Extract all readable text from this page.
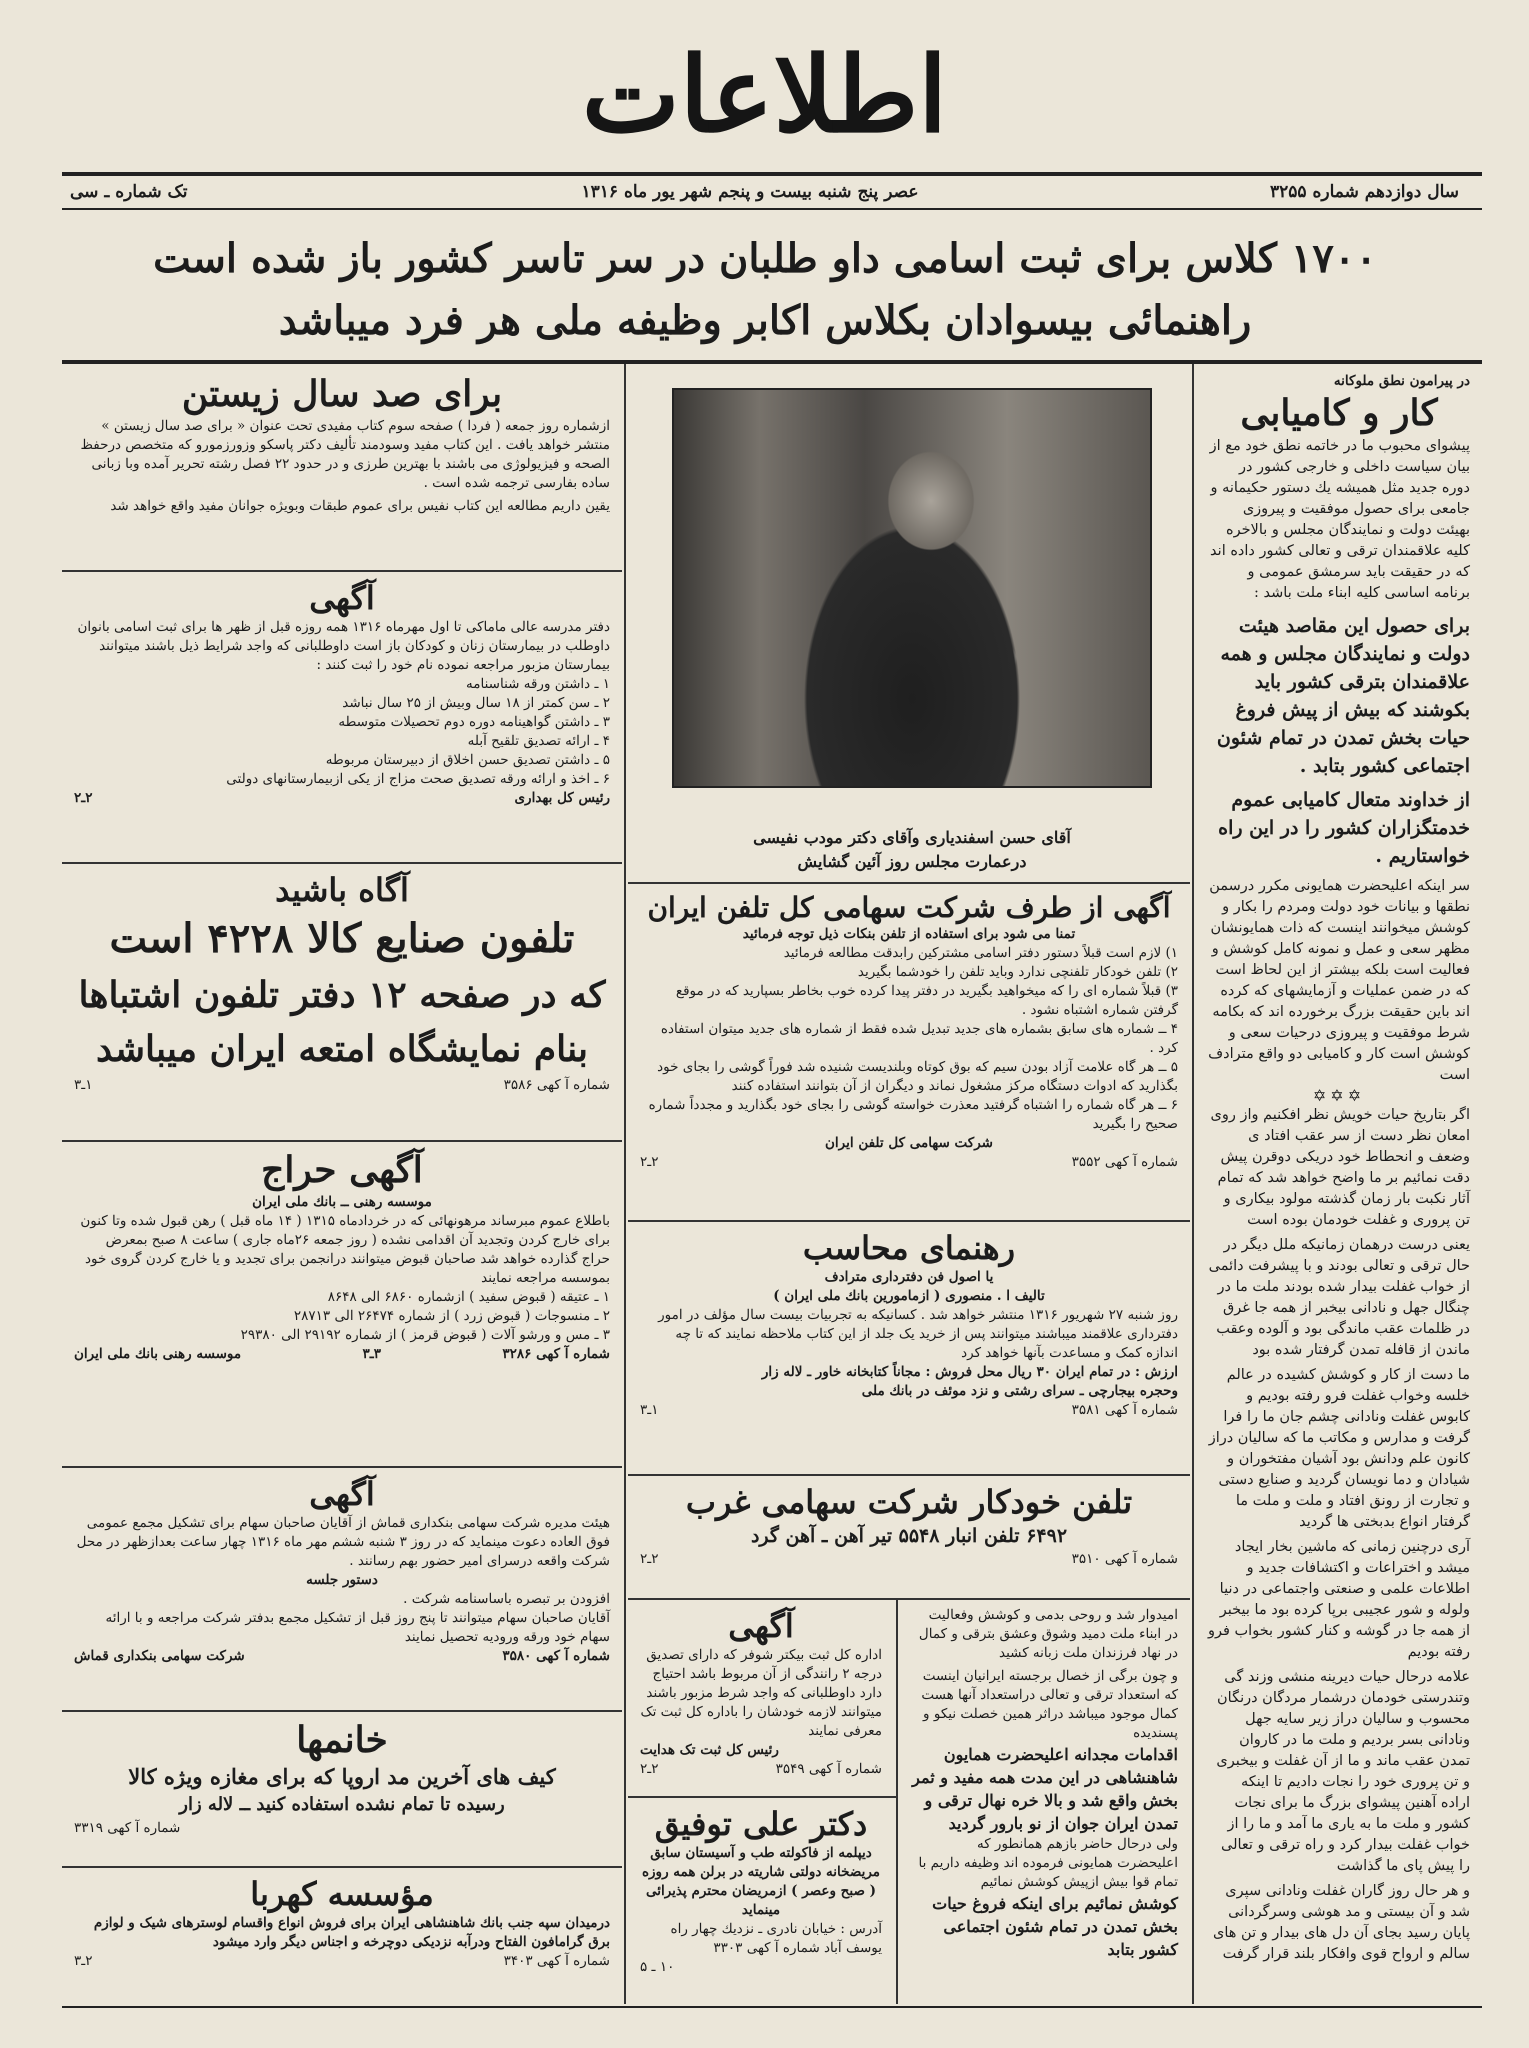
اطلاعات
سال دوازدهم شماره ۳۲۵۵
عصر پنج شنبه بیست و پنجم شهر یور ماه ۱۳۱۶
تک شماره ـ سی
۱۷۰۰ کلاس برای ثبت اسامی داو طلبان در سر تاسر کشور باز شده است
راهنمائی بیسوادان بکلاس اکابر وظیفه ملی هر فرد میباشد
در پیرامون نطق ملوکانه
کار و کامیابی

پیشوای محبوب ما در خاتمه نطق خود مع از بیان سیاست داخلی و خارجی کشور در دوره جدید مثل همیشه یك دستور حکیمانه و جامعی برای حصول موفقیت و پیروزی بهیئت دولت و نمایندگان مجلس و بالاخره کلیه علاقمندان ترقی و تعالی کشور داده اند که در حقیقت باید سرمشق عمومی و برنامه اساسی کلیه ابناء ملت باشد :

برای حصول این مقاصد هیئت دولت و نمایندگان مجلس و همه علاقمندان بترقی کشور باید بکوشند که بیش از پیش فروغ حیات بخش تمدن در تمام شئون اجتماعی کشور بتابد .

از خداوند متعال کامیابی عموم خدمتگزاران کشور را در این راه خواستاریم .

سر اینکه اعلیحضرت همایونی مکرر درسمن نطقها و بیانات خود دولت ومردم را بکار و کوشش میخوانند اینست که ذات همایونشان مظهر سعی و عمل و نمونه کامل کوشش و فعالیت است بلکه بیشتر از این لحاظ است که در ضمن عملیات و آزمایشهای که کرده اند باین حقیقت بزرگ برخورده اند که بکامه شرط موفقیت و پیروزی درحیات سعی و کوشش است کار و کامیابی دو واقع مترادف است

✡✡✡

اگر بتاریخ حیات خویش نظر افکنیم واز روی امعان نظر دست از سر عقب افتاد ی وضعف و انحطاط خود دریکی دوقرن پیش دقت نمائیم بر ما واضح خواهد شد که تمام آثار نکبت بار زمان گذشته مولود بیکاری و تن پروری و غفلت خودمان بوده است

یعنی درست درهمان زمانیکه ملل دیگر در حال ترقی و تعالی بودند و با پیشرفت دائمی از خواب غفلت بیدار شده بودند ملت ما در چنگال جهل و نادانی بیخبر از همه جا غرق در ظلمات عقب ماندگی بود و آلوده وعقب ماندن از قافله تمدن گرفتار شده بود

ما دست از کار و کوشش کشیده در عالم خلسه وخواب غفلت فرو رفته بودیم و کابوس غفلت ونادانی چشم جان ما را فرا گرفت و مدارس و مکاتب ما که سالیان دراز کانون علم ودانش بود آشیان مفتخوران و شیادان و دما نویسان گردید و صنایع دستی و تجارت از رونق افتاد و ملت و ملت ما گرفتار انواع بدبختی ها گردید

آری درچنین زمانی که ماشین بخار ایجاد میشد و اختراعات و اکتشافات جدید و اطلاعات علمی و صنعتی واجتماعی در دنیا ولوله و شور عجیبی برپا کرده بود ما بیخبر از همه جا در گوشه و کنار کشور بخواب فرو رفته بودیم

علامه درحال حیات دیرینه منشی وزند گی وتندرستی خودمان درشمار مردگان درنگان محسوب و سالیان دراز زیر سایه جهل ونادانی بسر بردیم و ملت ما در کاروان تمدن عقب ماند و ما از آن غفلت و بیخبری و تن پروری خود را نجات دادیم تا اینکه اراده آهنین پیشوای بزرگ ما برای نجات کشور و ملت ما به یاری ما آمد و ما را از خواب غفلت بیدار کرد و راه ترقی و تعالی را پیش پای ما گذاشت

و هر حال روز گاران غفلت ونادانی سپری شد و آن بیستی و مد هوشی وسرگردانی پایان رسید بجای آن دل های بیدار و تن های سالم و ارواح قوی وافکار بلند قرار گرفت

آقای حسن اسفندیاری وآقای دکتر مودب نفیسی
درعمارت مجلس روز آئین گشایش
آگهی از طرف شرکت سهامی کل تلفن ایران

تمنا می شود برای استفاده از تلفن بنکات ذیل توجه فرمائید

۱) لازم است قبلاً دستور دفتر اسامی مشترکین رابدقت مطالعه فرمائید

۲) تلفن خودکار تلفنچی ندارد وباید تلفن را خودشما بگیرید

۳) قبلاً شماره ای را که میخواهید بگیرید در دفتر پیدا کرده خوب بخاطر بسپارید که در موقع گرفتن شماره اشتباه نشود .

۴ ــ شماره های سابق بشماره های جدید تبدیل شده فقط از شماره های جدید میتوان استفاده کرد .

۵ ــ هر گاه علامت آزاد بودن سیم که بوق کوتاه وبلندیست شنیده شد فوراً گوشی را بجای خود بگذارید که ادوات دستگاه مرکز مشغول نماند و دیگران از آن بتوانند استفاده کنند

۶ ــ هر گاه شماره را اشتباه گرفتید معذرت خواسته گوشی را بجای خود بگذارید و مجدداً شماره صحیح را بگیرید

شرکت سهامی کل تلفن ایران

شماره آ کهی ۳۵۵۲
۲ـ۲
رهنمای محاسب

یا اصول فن دفترداری مترادف

تالیف ا . منصوری ( ازمامورین بانك ملی ایران )

روز شنبه ۲۷ شهریور ۱۳۱۶ منتشر خواهد شد . کسانیکه به تجربیات بیست سال مؤلف در امور دفترداری علاقمند میباشند میتوانند پس از خرید یک جلد از این کتاب ملاحظه نمایند که تا چه اندازه کمک و مساعدت بآنها خواهد کرد

ارزش : در تمام ایران ۳۰ ریال محل فروش : مجاناً کتابخانه خاور ـ لاله زار

وحجره بیجارچی ـ سرای رشتی و نزد موئف در بانك ملی

شماره آ کهی ۳۵۸۱
۱ـ۳
تلفن خودکار شرکت سهامی غرب

۶۴۹۲ تلفن انبار ۵۵۴۸ تیر آهن ـ آهن گرد

شماره آ کهی ۳۵۱۰
۲ـ۲

امیدوار شد و روحی بدمی و کوشش وفعالیت در ابناء ملت دمید وشوق وعشق بترقی و کمال در نهاد فرزندان ملت زبانه کشید

و چون برگی از خصال برجسته ایرانیان اینست که استعداد ترقی و تعالی دراستعداد آنها هست کمال موجود میباشد دراثر همین خصلت نیکو و پسندیده

اقدامات مجدانه اعلیحضرت همایون شاهنشاهی در این مدت همه مفید و ثمر بخش واقع شد و بالا خره نهال ترقی و تمدن ایران جوان از نو بارور گردید

ولی درحال حاضر بازهم همانطور که اعلیحضرت همایونی فرموده اند وظیفه داریم با تمام قوا بیش ازپیش کوشش نمائیم

کوشش نمائیم برای اینکه فروغ حیات بخش تمدن در تمام شئون اجتماعی کشور بتابد

آگهی

اداره کل ثبت بیکتر شوفر که دارای تصدیق درجه ۲ رانندگی از آن مربوط باشد احتیاج دارد داوطلبانی که واجد شرط مزبور باشند میتوانند لازمه خودشان را باداره کل ثبت تک معرفی نمایند

رئیس کل ثبت تک هدایت

شماره آ کهی ۳۵۴۹
۲ـ۲
دکتر علی توفیق

دیپلمه از فاکولته طب و آسیستان سابق مریضخانه دولتی شاریته در برلن همه روزه ( صبح وعصر ) ازمریضان محترم پذیرائی مینماید

آدرس : خیابان نادری ـ نزدیك چهار راه یوسف آباد شماره آ کهی ۳۳۰۳

۱۰ ـ ۵

برای صد سال زیستن

ازشماره روز جمعه ( فردا ) صفحه سوم کتاب مفیدی تحت عنوان « برای صد سال زیستن » منتشر خواهد یافت . این کتاب مفید وسودمند تألیف دکتر پاسکو وزورزمورو که متخصص درحفظ الصحه و فیزیولوژی می باشند با بهترین طرزی و در حدود ۲۲ فصل رشته تحریر آمده وبا زبانی ساده بفارسی ترجمه شده است .

یقین داریم مطالعه این کتاب نفیس برای عموم طبقات وبویژه جوانان مفید واقع خواهد شد

آگهی

دفتر مدرسه عالی ماماکی تا اول مهرماه ۱۳۱۶ همه روزه قبل از ظهر ها برای ثبت اسامی بانوان داوطلب در بیمارستان زنان و کودکان باز است داوطلبانی که واجد شرایط ذیل باشند میتوانند بیمارستان مزبور مراجعه نموده نام خود را ثبت کنند :

۱ ـ داشتن ورقه شناسنامه

۲ ـ سن کمتر از ۱۸ سال وبیش از ۲۵ سال نباشد

۳ ـ داشتن گواهینامه دوره دوم تحصیلات متوسطه

۴ ـ ارائه تصدیق تلقیح آبله

۵ ـ داشتن تصدیق حسن اخلاق از دبیرستان مربوطه

۶ ـ اخذ و ارائه ورقه تصدیق صحت مزاج از یکی ازبیمارستانهای دولتی

رئیس کل بهداری
۲ـ۲
آگاه باشید
تلفون صنایع کالا ۴۲۲۸ است
که در صفحه ۱۲ دفتر تلفون اشتباها
بنام نمایشگاه امتعه ایران میباشد
شماره آ کهی ۳۵۸۶
۱ـ۳
آگهی حراج

موسسه رهنی ــ بانك ملی ایران

باطلاع عموم مبرساند مرهونهائی که در خردادماه ۱۳۱۵ ( ۱۴ ماه قبل ) رهن قبول شده وتا کنون برای خارج کردن وتجدید آن اقدامی نشده ( روز جمعه ۲۶ماه جاری ) ساعت ۸ صبح بمعرض حراج گذارده خواهد شد صاحبان قبوض میتوانند درانجمن برای تجدید و یا خارج کردن گروی خود بموسسه مراجعه نمایند

۱ ـ عتیقه ( قبوض سفید ) ازشماره ۶۸۶۰ الی ۸۶۴۸

۲ ـ منسوجات ( قبوض زرد ) از شماره ۲۶۴۷۴ الی ۲۸۷۱۳

۳ ـ مس و ورشو آلات ( قبوض قرمز ) از شماره ۲۹۱۹۲ الی ۲۹۳۸۰

شماره آ کهی ۳۲۸۶
۳ـ۳
موسسه رهنی بانك ملی ایران
آگهی

هیئت مدیره شرکت سهامی بنکداری قماش از آقایان صاحبان سهام برای تشکیل مجمع عمومی فوق العاده دعوت مینماید که در روز ۳ شنبه ششم مهر ماه ۱۳۱۶ چهار ساعت بعدازظهر در محل شرکت واقعه درسرای امیر حضور بهم رسانند .

دستور جلسه

افزودن بر تبصره باساسنامه شرکت .

آقایان صاحبان سهام میتوانند تا پنج روز قبل از تشکیل مجمع بدفتر شرکت مراجعه و با ارائه سهام خود ورقه ورودیه تحصیل نمایند

شماره آ کهی ۳۵۸۰
شرکت سهامی بنکداری قماش
خانمها

کیف های آخرین مد اروپا که برای مغازه ویژه کالا

رسیده تا تمام نشده استفاده کنید ــ لاله زار

شماره آ کهی ۳۳۱۹

مؤسسه کهربا

درمیدان سپه جنب بانك شاهنشاهی ایران برای فروش انواع واقسام لوسترهای شیک و لوازم برق گرامافون الفتاح ودرآبه نزدیکی دوچرخه و اجناس دیگر وارد میشود

شماره آ کهی ۳۴۰۳
۲ـ۳
